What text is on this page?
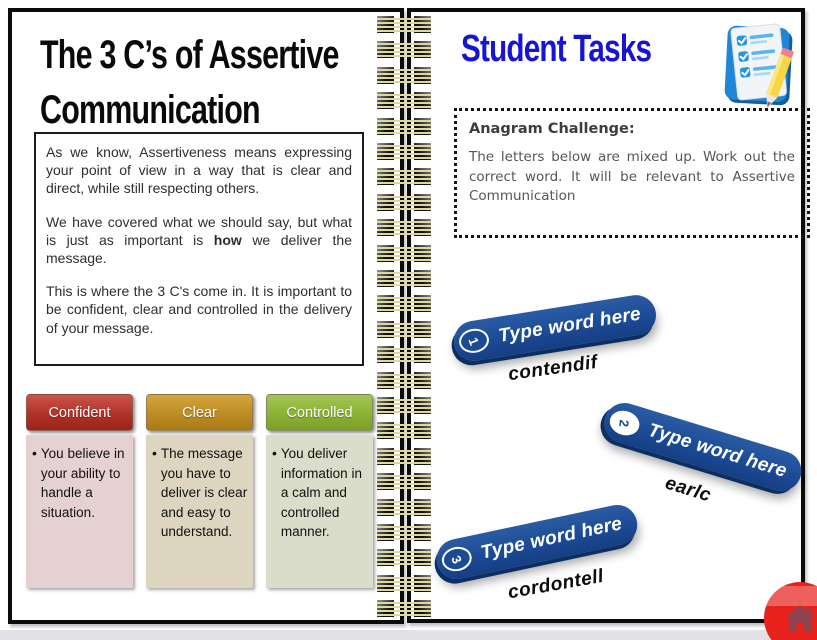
The 3 C’s of Assertive Communication

As we know, Assertiveness means expressing your point of view in a way that is clear and direct, while still respecting others.

We have covered what we should say, but what is just as important is how we deliver the message.

This is where the 3 C's come in. It is important to be confident, clear and controlled in the delivery of your message.

Confident
• You believe in your ability to handle a situation.
Clear
• The message you have to deliver is clear and easy to understand.
Controlled
• You deliver information in a calm and controlled manner.
Student Tasks
Anagram Challenge:
The letters below are mixed up. Work out the correct word. It will be relevant to Assertive Communication
1 Type word here
contendif
2 Type word here
earlc
3 Type word here
cordontell
